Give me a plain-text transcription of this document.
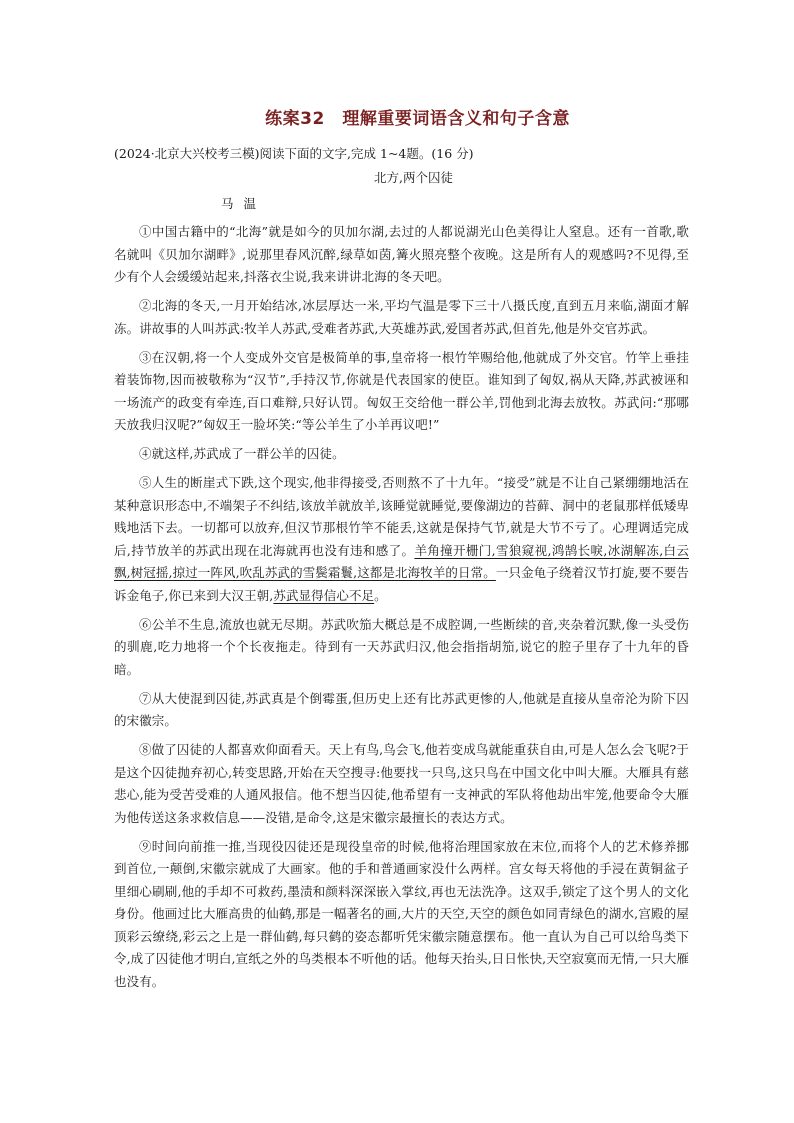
练案32　理解重要词语含义和句子含意

(2024·北京大兴校考三模)阅读下面的文字,完成 1~4题。(16 分)

北方,两个囚徒

马温

①中国古籍中的“北海”就是如今的贝加尔湖,去过的人都说湖光山色美得让人窒息。还有一首歌,歌名就叫《贝加尔湖畔》,说那里春风沉醉,绿草如茵,篝火照亮整个夜晚。这是所有人的观感吗?不见得,至少有个人会缓缓站起来,抖落衣尘说,我来讲讲北海的冬天吧。

②北海的冬天,一月开始结冰,冰层厚达一米,平均气温是零下三十八摄氏度,直到五月来临,湖面才解冻。讲故事的人叫苏武:牧羊人苏武,受难者苏武,大英雄苏武,爱国者苏武,但首先,他是外交官苏武。

③在汉朝,将一个人变成外交官是极简单的事,皇帝将一根竹竿赐给他,他就成了外交官。竹竿上垂挂着装饰物,因而被敬称为“汉节”,手持汉节,你就是代表国家的使臣。谁知到了匈奴,祸从天降,苏武被诬和一场流产的政变有牵连,百口难辩,只好认罚。匈奴王交给他一群公羊,罚他到北海去放牧。苏武问:“那哪天放我归汉呢?”匈奴王一脸坏笑:“等公羊生了小羊再议吧!”

④就这样,苏武成了一群公羊的囚徒。

⑤人生的断崖式下跌,这个现实,他非得接受,否则熬不了十九年。“接受”就是不让自己紧绷绷地活在某种意识形态中,不端架子不纠结,该放羊就放羊,该睡觉就睡觉,要像湖边的苔藓、洞中的老鼠那样低矮卑贱地活下去。一切都可以放弃,但汉节那根竹竿不能丢,这就是保持气节,就是大节不亏了。心理调适完成后,持节放羊的苏武出现在北海就再也没有违和感了。羊角撞开栅门,雪狼窥视,鸿鹄长唳,冰湖解冻,白云飘,树冠摇,掠过一阵风,吹乱苏武的雪鬓霜鬟,这都是北海牧羊的日常。一只金龟子绕着汉节打旋,要不要告诉金龟子,你已来到大汉王朝,苏武显得信心不足。

⑥公羊不生息,流放也就无尽期。苏武吹笳大概总是不成腔调,一些断续的音,夹杂着沉默,像一头受伤的驯鹿,吃力地将一个个长夜拖走。待到有一天苏武归汉,他会指指胡笳,说它的腔子里存了十九年的昏暗。

⑦从大使混到囚徒,苏武真是个倒霉蛋,但历史上还有比苏武更惨的人,他就是直接从皇帝沦为阶下囚的宋徽宗。

⑧做了囚徒的人都喜欢仰面看天。天上有鸟,鸟会飞,他若变成鸟就能重获自由,可是人怎么会飞呢?于是这个囚徒抛弃初心,转变思路,开始在天空搜寻:他要找一只鸟,这只鸟在中国文化中叫大雁。大雁具有慈悲心,能为受苦受难的人通风报信。他不想当囚徒,他希望有一支神武的军队将他劫出牢笼,他要命令大雁为他传送这条求救信息——没错,是命令,这是宋徽宗最擅长的表达方式。

⑨时间向前推一推,当现役囚徒还是现役皇帝的时候,他将治理国家放在末位,而将个人的艺术修养挪到首位,一颠倒,宋徽宗就成了大画家。他的手和普通画家没什么两样。宫女每天将他的手浸在黄铜盆子里细心刷刷,他的手却不可救药,墨渍和颜料深深嵌入掌纹,再也无法洗净。这双手,锁定了这个男人的文化身份。他画过比大雁高贵的仙鹤,那是一幅著名的画,大片的天空,天空的颜色如同青绿色的湖水,宫殿的屋顶彩云缭绕,彩云之上是一群仙鹤,每只鹤的姿态都听凭宋徽宗随意摆布。他一直认为自己可以给鸟类下令,成了囚徒他才明白,宣纸之外的鸟类根本不听他的话。他每天抬头,日日怅快,天空寂寞而无情,一只大雁也没有。
